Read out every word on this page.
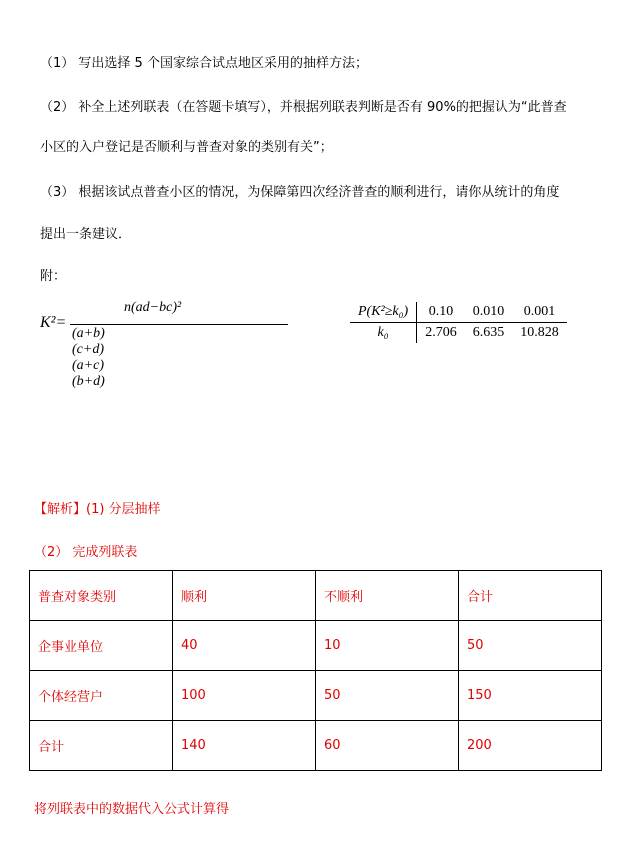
（1） 写出选择 5 个国家综合试点地区采用的抽样方法；
（2） 补全上述列联表（在答题卡填写），并根据列联表判断是否有 90%的把握认为“此普查
小区的入户登记是否顺利与普查对象的类别有关”；
（3） 根据该试点普查小区的情况，为保障第四次经济普查的顺利进行，请你从统计的角度
提出一条建议．
附：
K²=
n(ad−bc)²
(a+b)(c+d)(a+c)(b+d)
P(K²≥k₀)	0.10	0.010	0.001
k₀	2.706	6.635	10.828
【解析】(1) 分层抽样
（2） 完成列联表
普查对象类别	顺利	不顺利	合计
企事业单位	40	10	50
个体经营户	100	50	150
合计	140	60	200
将列联表中的数据代入公式计算得
